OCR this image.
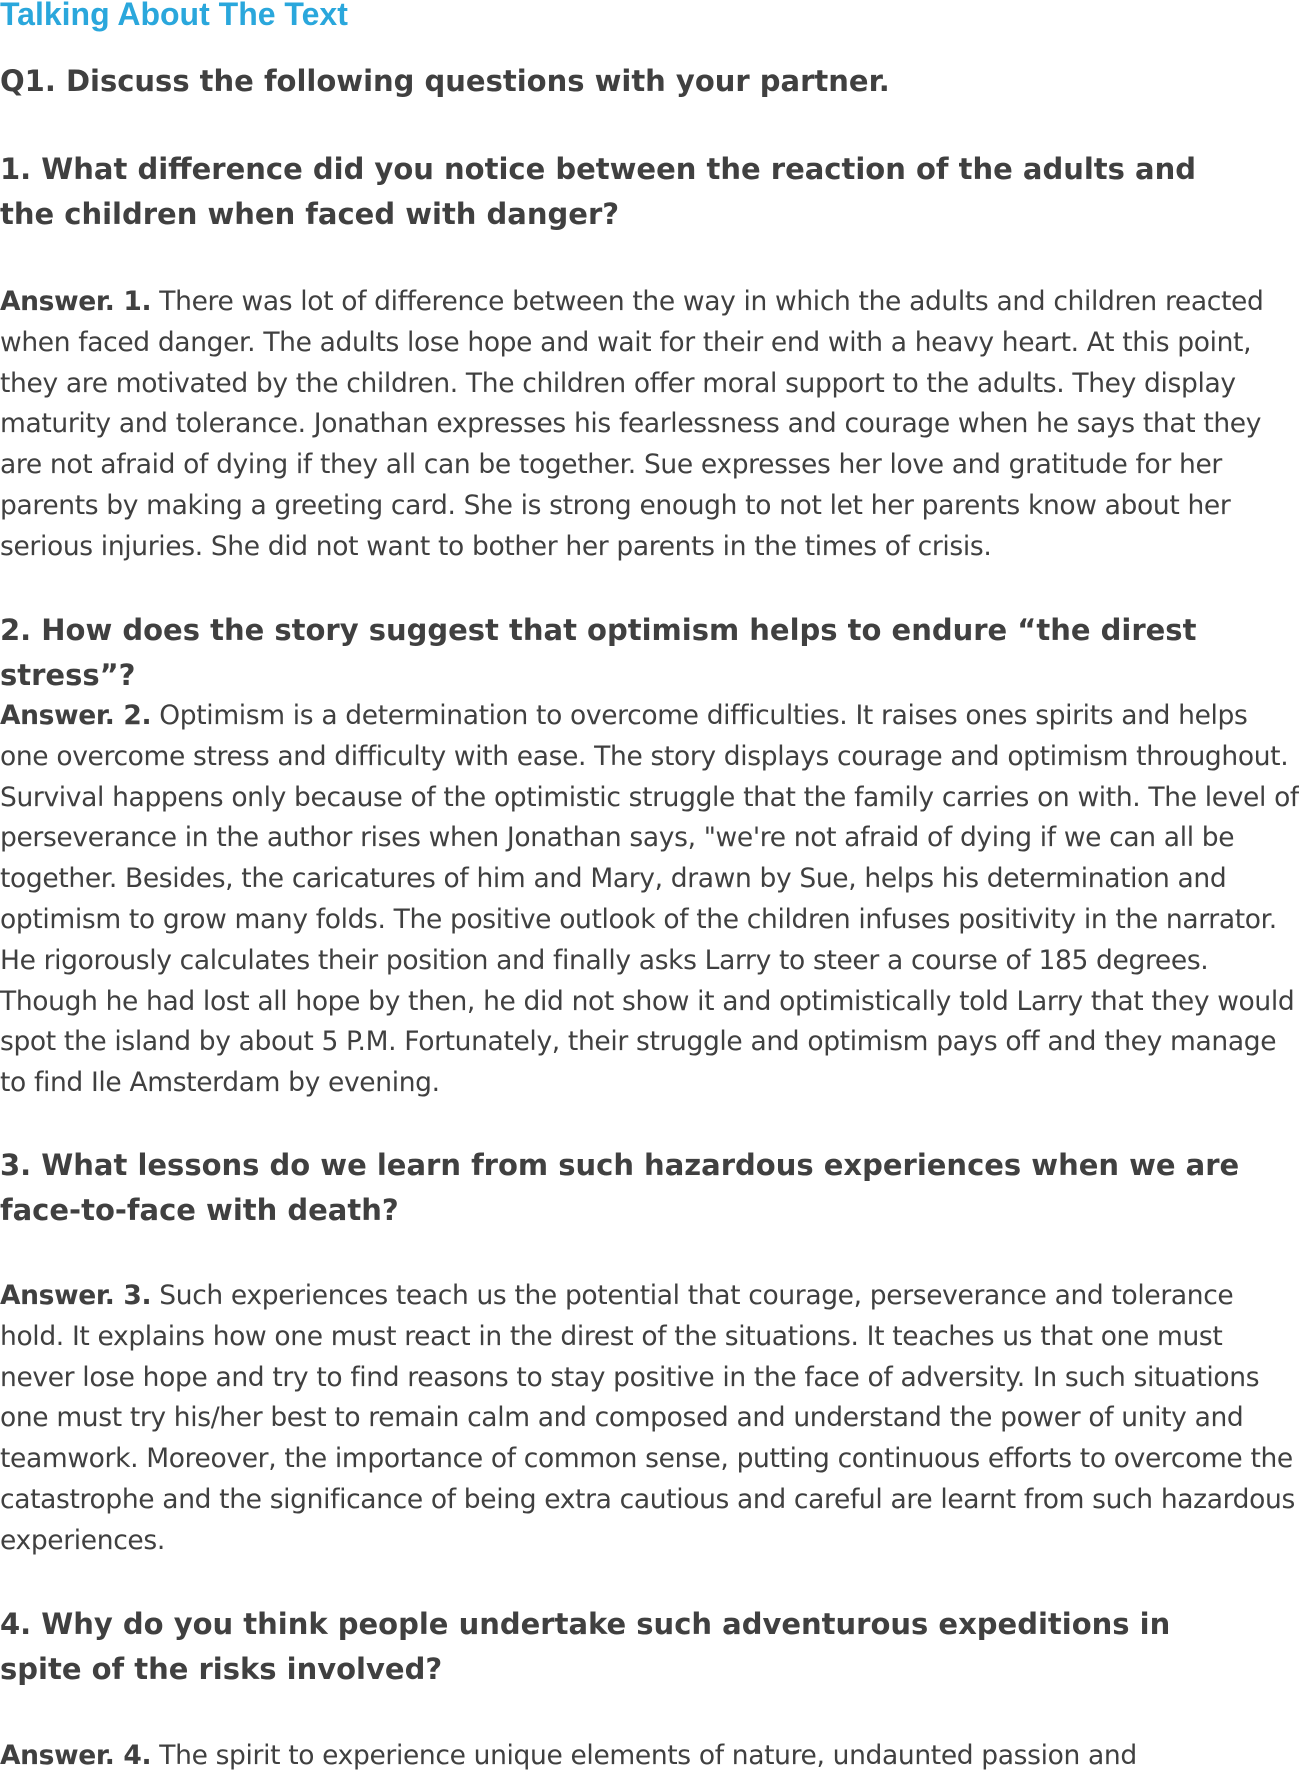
Talking About The Text

Q1. Discuss the following questions with your partner.

1. What difference did you notice between the reaction of the adults and the children when faced with danger?

Answer. 1. There was lot of difference between the way in which the adults and children reacted when faced danger. The adults lose hope and wait for their end with a heavy heart. At this point, they are motivated by the children. The children offer moral support to the adults. They display maturity and tolerance. Jonathan expresses his fearlessness and courage when he says that they are not afraid of dying if they all can be together. Sue expresses her love and gratitude for her parents by making a greeting card. She is strong enough to not let her parents know about her serious injuries. She did not want to bother her parents in the times of crisis.

2. How does the story suggest that optimism helps to endure “the direst stress”?

Answer. 2. Optimism is a determination to overcome difficulties. It raises ones spirits and helps one overcome stress and difficulty with ease. The story displays courage and optimism throughout. Survival happens only because of the optimistic struggle that the family carries on with. The level of perseverance in the author rises when Jonathan says, "we're not afraid of dying if we can all be together. Besides, the caricatures of him and Mary, drawn by Sue, helps his determination and optimism to grow many folds. The positive outlook of the children infuses positivity in the narrator. He rigorously calculates their position and finally asks Larry to steer a course of 185 degrees. Though he had lost all hope by then, he did not show it and optimistically told Larry that they would spot the island by about 5 P.M. Fortunately, their struggle and optimism pays off and they manage to find Ile Amsterdam by evening.

3. What lessons do we learn from such hazardous experiences when we are face-to-face with death?

Answer. 3. Such experiences teach us the potential that courage, perseverance and tolerance hold. It explains how one must react in the direst of the situations. It teaches us that one must never lose hope and try to find reasons to stay positive in the face of adversity. In such situations one must try his/her best to remain calm and composed and understand the power of unity and teamwork. Moreover, the importance of common sense, putting continuous efforts to overcome the catastrophe and the significance of being extra cautious and careful are learnt from such hazardous experiences.

4. Why do you think people undertake such adventurous expeditions in spite of the risks involved?

Answer. 4. The spirit to experience unique elements of nature, undaunted passion and
